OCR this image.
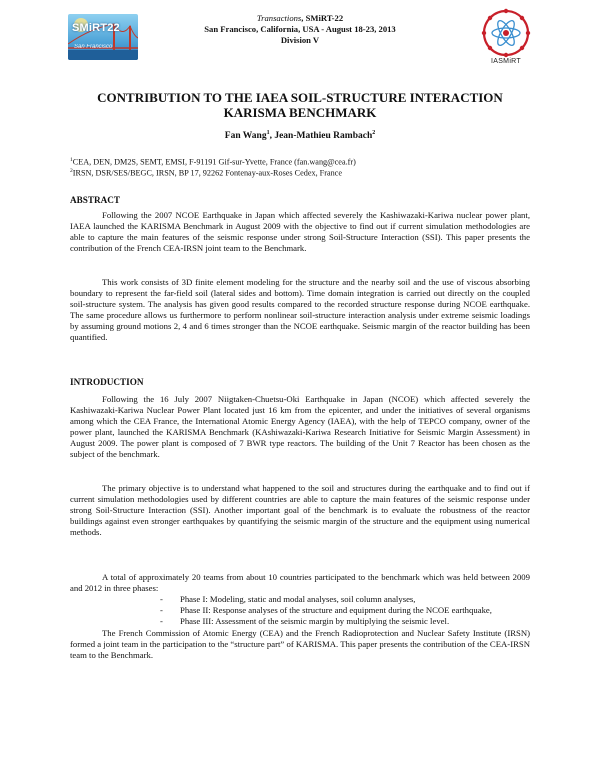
SMiRT22
San Francisco
Transactions, SMiRT-22
San Francisco, California, USA - August 18-23, 2013
Division V
IASMiRT
CONTRIBUTION TO THE IAEA SOIL-STRUCTURE INTERACTION
KARISMA BENCHMARK
Fan Wang$^1$, Jean-Mathieu Rambach$^2$
$^1$CEA, DEN, DM2S, SEMT, EMSI, F-91191 Gif-sur-Yvette, France (fan.wang@cea.fr)
$^2$IRSN, DSR/SES/BEGC, IRSN, BP 17, 92262 Fontenay-aux-Roses Cedex, France
ABSTRACT

Following the 2007 NCOE Earthquake in Japan which affected severely the Kashiwazaki-Kariwa nuclear power plant, IAEA launched the KARISMA Benchmark in August 2009 with the objective to find out if current simulation methodologies are able to capture the main features of the seismic response under strong Soil-Structure Interaction (SSI). This paper presents the contribution of the French CEA-IRSN joint team to the Benchmark.

This work consists of 3D finite element modeling for the structure and the nearby soil and the use of viscous absorbing boundary to represent the far-field soil (lateral sides and bottom). Time domain integration is carried out directly on the coupled soil-structure system. The analysis has given good results compared to the recorded structure response during NCOE earthquake. The same procedure allows us furthermore to perform nonlinear soil-structure interaction analysis under extreme seismic loadings by assuming ground motions 2, 4 and 6 times stronger than the NCOE earthquake. Seismic margin of the reactor building has been quantified.

INTRODUCTION

Following the 16 July 2007 Niigtaken-Chuetsu-Oki Earthquake in Japan (NCOE) which affected severely the Kashiwazaki-Kariwa Nuclear Power Plant located just 16 km from the epicenter, and under the initiatives of several organisms among which the CEA France, the International Atomic Energy Agency (IAEA), with the help of TEPCO company, owner of the power plant, launched the KARISMA Benchmark (KAshiwazaki-Kariwa Research Initiative for Seismic Margin Assessment) in August 2009. The power plant is composed of 7 BWR type reactors. The building of the Unit 7 Reactor has been chosen as the subject of the benchmark.

The primary objective is to understand what happened to the soil and structures during the earthquake and to find out if current simulation methodologies used by different countries are able to capture the main features of the seismic response under strong Soil-Structure Interaction (SSI). Another important goal of the benchmark is to evaluate the robustness of the reactor buildings against even stronger earthquakes by quantifying the seismic margin of the structure and the equipment using numerical methods.

A total of approximately 20 teams from about 10 countries participated to the benchmark which was held between 2009 and 2012 in three phases:

- Phase I: Modeling, static and modal analyses, soil column analyses,
- Phase II: Response analyses of the structure and equipment during the NCOE earthquake,
- Phase III: Assessment of the seismic margin by multiplying the seismic level.

The French Commission of Atomic Energy (CEA) and the French Radioprotection and Nuclear Safety Institute (IRSN) formed a joint team in the participation to the “structure part” of KARISMA. This paper presents the contribution of the CEA-IRSN team to the Benchmark.
